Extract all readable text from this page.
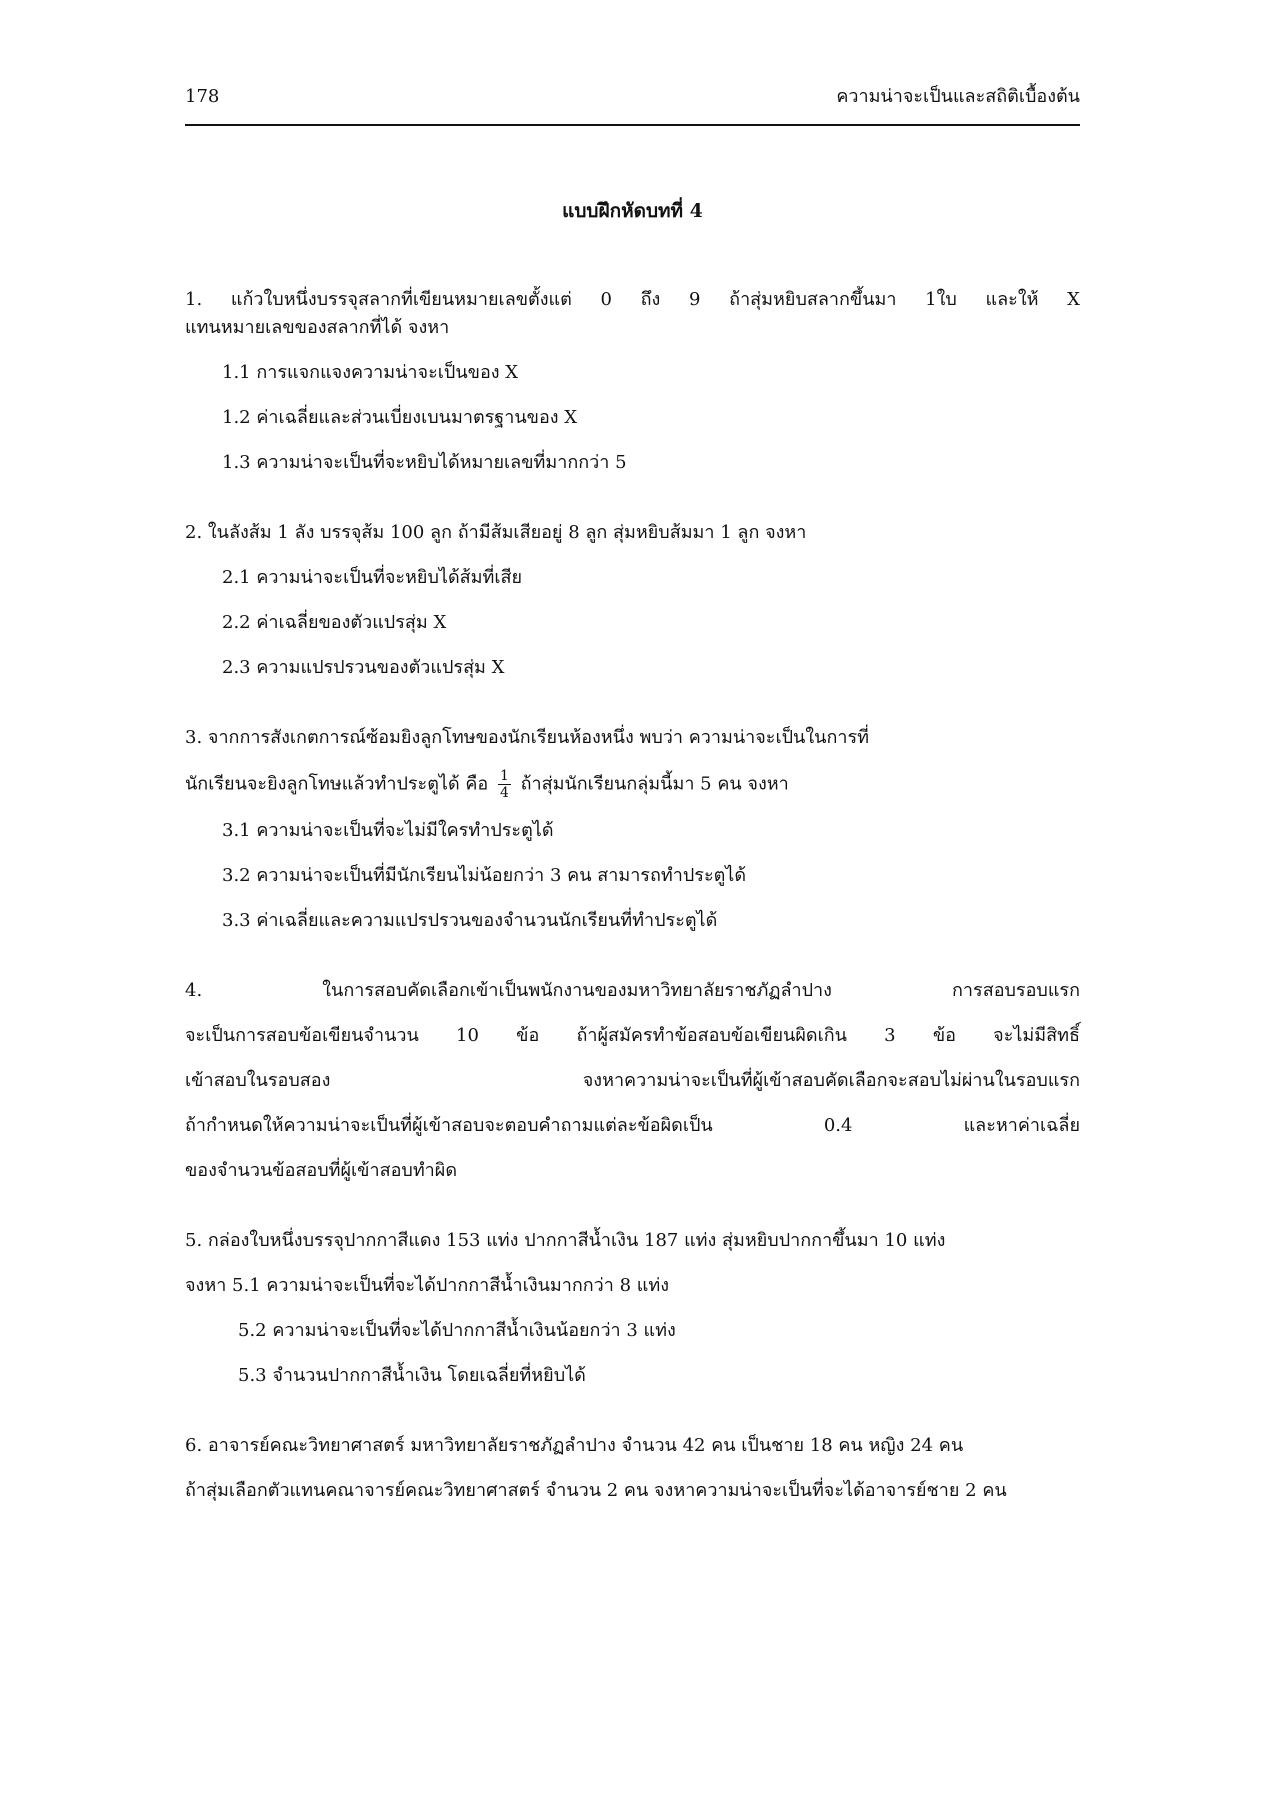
178	ความน่าจะเป็นและสถิติเบื้องต้น
แบบฝึกหัดบทที่ 4
1. แก้วใบหนึ่งบรรจุสลากที่เขียนหมายเลขตั้งแต่ 0 ถึง 9 ถ้าสุ่มหยิบสลากขึ้นมา 1ใบ และให้ X
แทนหมายเลขของสลากที่ได้ จงหา
1.1 การแจกแจงความน่าจะเป็นของ X
1.2 ค่าเฉลี่ยและส่วนเบี่ยงเบนมาตรฐานของ X
1.3 ความน่าจะเป็นที่จะหยิบได้หมายเลขที่มากกว่า 5
2. ในลังส้ม 1 ลัง บรรจุส้ม 100 ลูก ถ้ามีส้มเสียอยู่ 8 ลูก สุ่มหยิบส้มมา 1 ลูก จงหา
2.1 ความน่าจะเป็นที่จะหยิบได้ส้มที่เสีย
2.2 ค่าเฉลี่ยของตัวแปรสุ่ม X
2.3 ความแปรปรวนของตัวแปรสุ่ม X
3. จากการสังเกตการณ์ซ้อมยิงลูกโทษของนักเรียนห้องหนึ่ง พบว่า ความน่าจะเป็นในการที่
นักเรียนจะยิงลูกโทษแล้วทำประตูได้ คือ $\frac{1}{4}$ ถ้าสุ่มนักเรียนกลุ่มนี้มา 5 คน จงหา
3.1 ความน่าจะเป็นที่จะไม่มีใครทำประตูได้
3.2 ความน่าจะเป็นที่มีนักเรียนไม่น้อยกว่า 3 คน สามารถทำประตูได้
3.3 ค่าเฉลี่ยและความแปรปรวนของจำนวนนักเรียนที่ทำประตูได้
4. ในการสอบคัดเลือกเข้าเป็นพนักงานของมหาวิทยาลัยราชภัฏลำปาง การสอบรอบแรก
จะเป็นการสอบข้อเขียนจำนวน 10 ข้อ ถ้าผู้สมัครทำข้อสอบข้อเขียนผิดเกิน 3 ข้อ จะไม่มีสิทธิ์
เข้าสอบในรอบสอง จงหาความน่าจะเป็นที่ผู้เข้าสอบคัดเลือกจะสอบไม่ผ่านในรอบแรก
ถ้ากำหนดให้ความน่าจะเป็นที่ผู้เข้าสอบจะตอบคำถามแต่ละข้อผิดเป็น 0.4 และหาค่าเฉลี่ย
ของจำนวนข้อสอบที่ผู้เข้าสอบทำผิด
5. กล่องใบหนึ่งบรรจุปากกาสีแดง 153 แท่ง ปากกาสีน้ำเงิน 187 แท่ง สุ่มหยิบปากกาขึ้นมา 10 แท่ง
จงหา 5.1 ความน่าจะเป็นที่จะได้ปากกาสีน้ำเงินมากกว่า 8 แท่ง
5.2 ความน่าจะเป็นที่จะได้ปากกาสีน้ำเงินน้อยกว่า 3 แท่ง
5.3 จำนวนปากกาสีน้ำเงิน โดยเฉลี่ยที่หยิบได้
6. อาจารย์คณะวิทยาศาสตร์ มหาวิทยาลัยราชภัฏลำปาง จำนวน 42 คน เป็นชาย 18 คน หญิง 24 คน
ถ้าสุ่มเลือกตัวแทนคณาจารย์คณะวิทยาศาสตร์ จำนวน 2 คน จงหาความน่าจะเป็นที่จะได้อาจารย์ชาย 2 คน
